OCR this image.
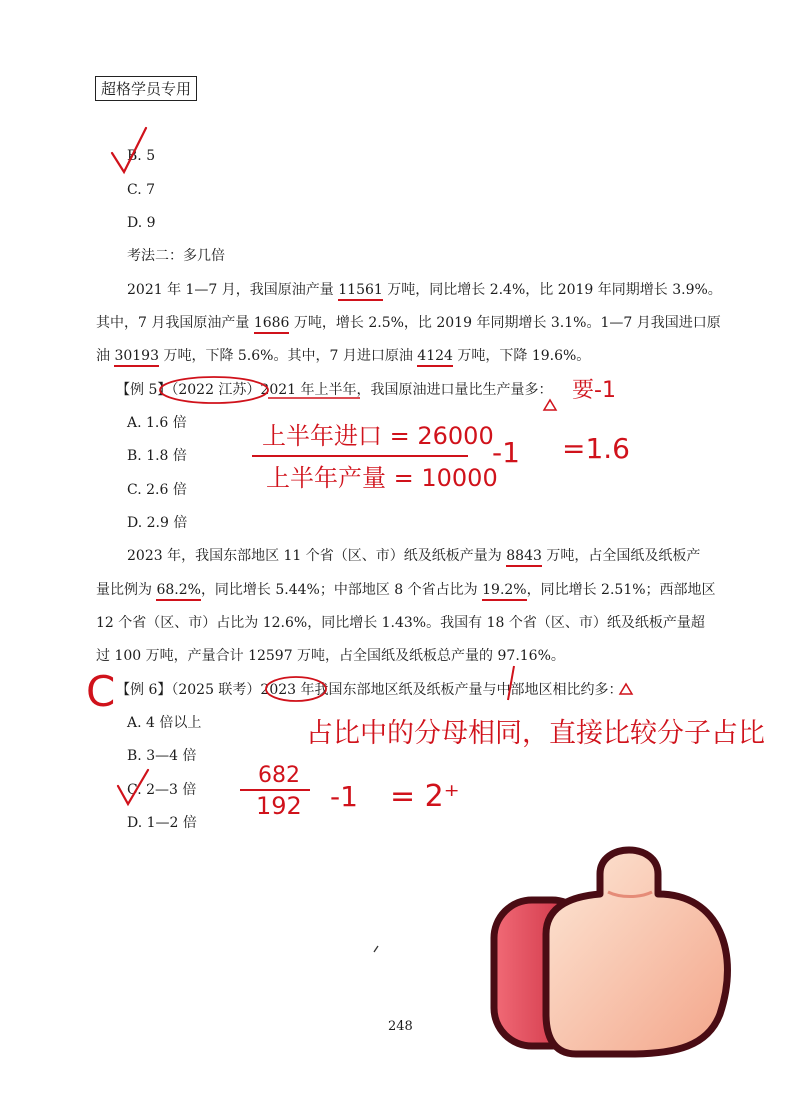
超格学员专用
B. 5
C. 7
D. 9
考法二：多几倍
2021 年 1—7 月，我国原油产量 11561 万吨，同比增长 2.4%，比 2019 年同期增长 3.9%。
其中，7 月我国原油产量 1686 万吨，增长 2.5%，比 2019 年同期增长 3.1%。1—7 月我国进口原
油 30193 万吨，下降 5.6%。其中，7 月进口原油 4124 万吨，下降 19.6%。
【例 5】（2022 江苏）2021 年上半年，我国原油进口量比生产量多：
A. 1.6 倍
B. 1.8 倍
C. 2.6 倍
D. 2.9 倍
2023 年，我国东部地区 11 个省（区、市）纸及纸板产量为 8843 万吨，占全国纸及纸板产
量比例为 68.2%，同比增长 5.44%；中部地区 8 个省占比为 19.2%，同比增长 2.51%；西部地区
12 个省（区、市）占比为 12.6%，同比增长 1.43%。我国有 18 个省（区、市）纸及纸板产量超
过 100 万吨，产量合计 12597 万吨，占全国纸及纸板总产量的 97.16%。
【例 6】（2025 联考）2023 年我国东部地区纸及纸板产量与中部地区相比约多：
A. 4 倍以上
B. 3—4 倍
C. 2—3 倍
D. 1—2 倍
248
要-1
上半年进口 = 26000
上半年产量 = 10000
-1 =1.6
C
占比中的分母相同，直接比较分子占比
682
192 -1 = 2⁺
